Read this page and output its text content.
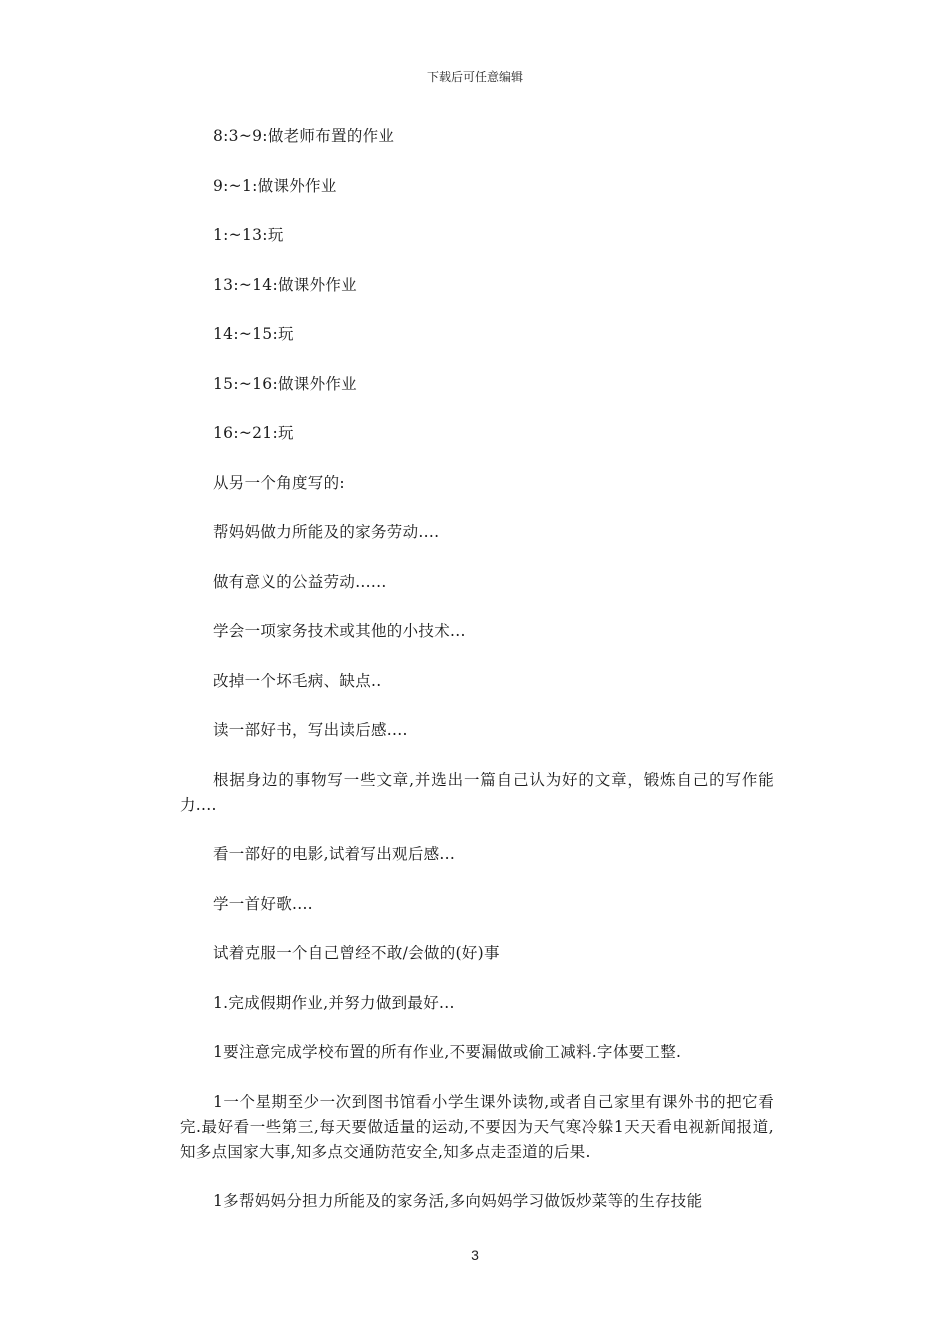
下载后可任意编辑

8:3~9:做老师布置的作业

9:~1:做课外作业

1:~13:玩

13:~14:做课外作业

14:~15:玩

15:~16:做课外作业

16:~21:玩

从另一个角度写的:

帮妈妈做力所能及的家务劳动....

做有意义的公益劳动......

学会一项家务技术或其他的小技术...

改掉一个坏毛病、缺点..

读一部好书，写出读后感....

根据身边的事物写一些文章,并选出一篇自己认为好的文章，锻炼自己的写作能力....

看一部好的电影,试着写出观后感...

学一首好歌....

试着克服一个自己曾经不敢/会做的(好)事

1.完成假期作业,并努力做到最好...

1要注意完成学校布置的所有作业,不要漏做或偷工减料.字体要工整.

1一个星期至少一次到图书馆看小学生课外读物,或者自己家里有课外书的把它看完.最好看一些第三,每天要做适量的运动,不要因为天气寒冷躲1天天看电视新闻报道,知多点国家大事,知多点交通防范安全,知多点走歪道的后果.

1多帮妈妈分担力所能及的家务活,多向妈妈学习做饭炒菜等的生存技能

3
